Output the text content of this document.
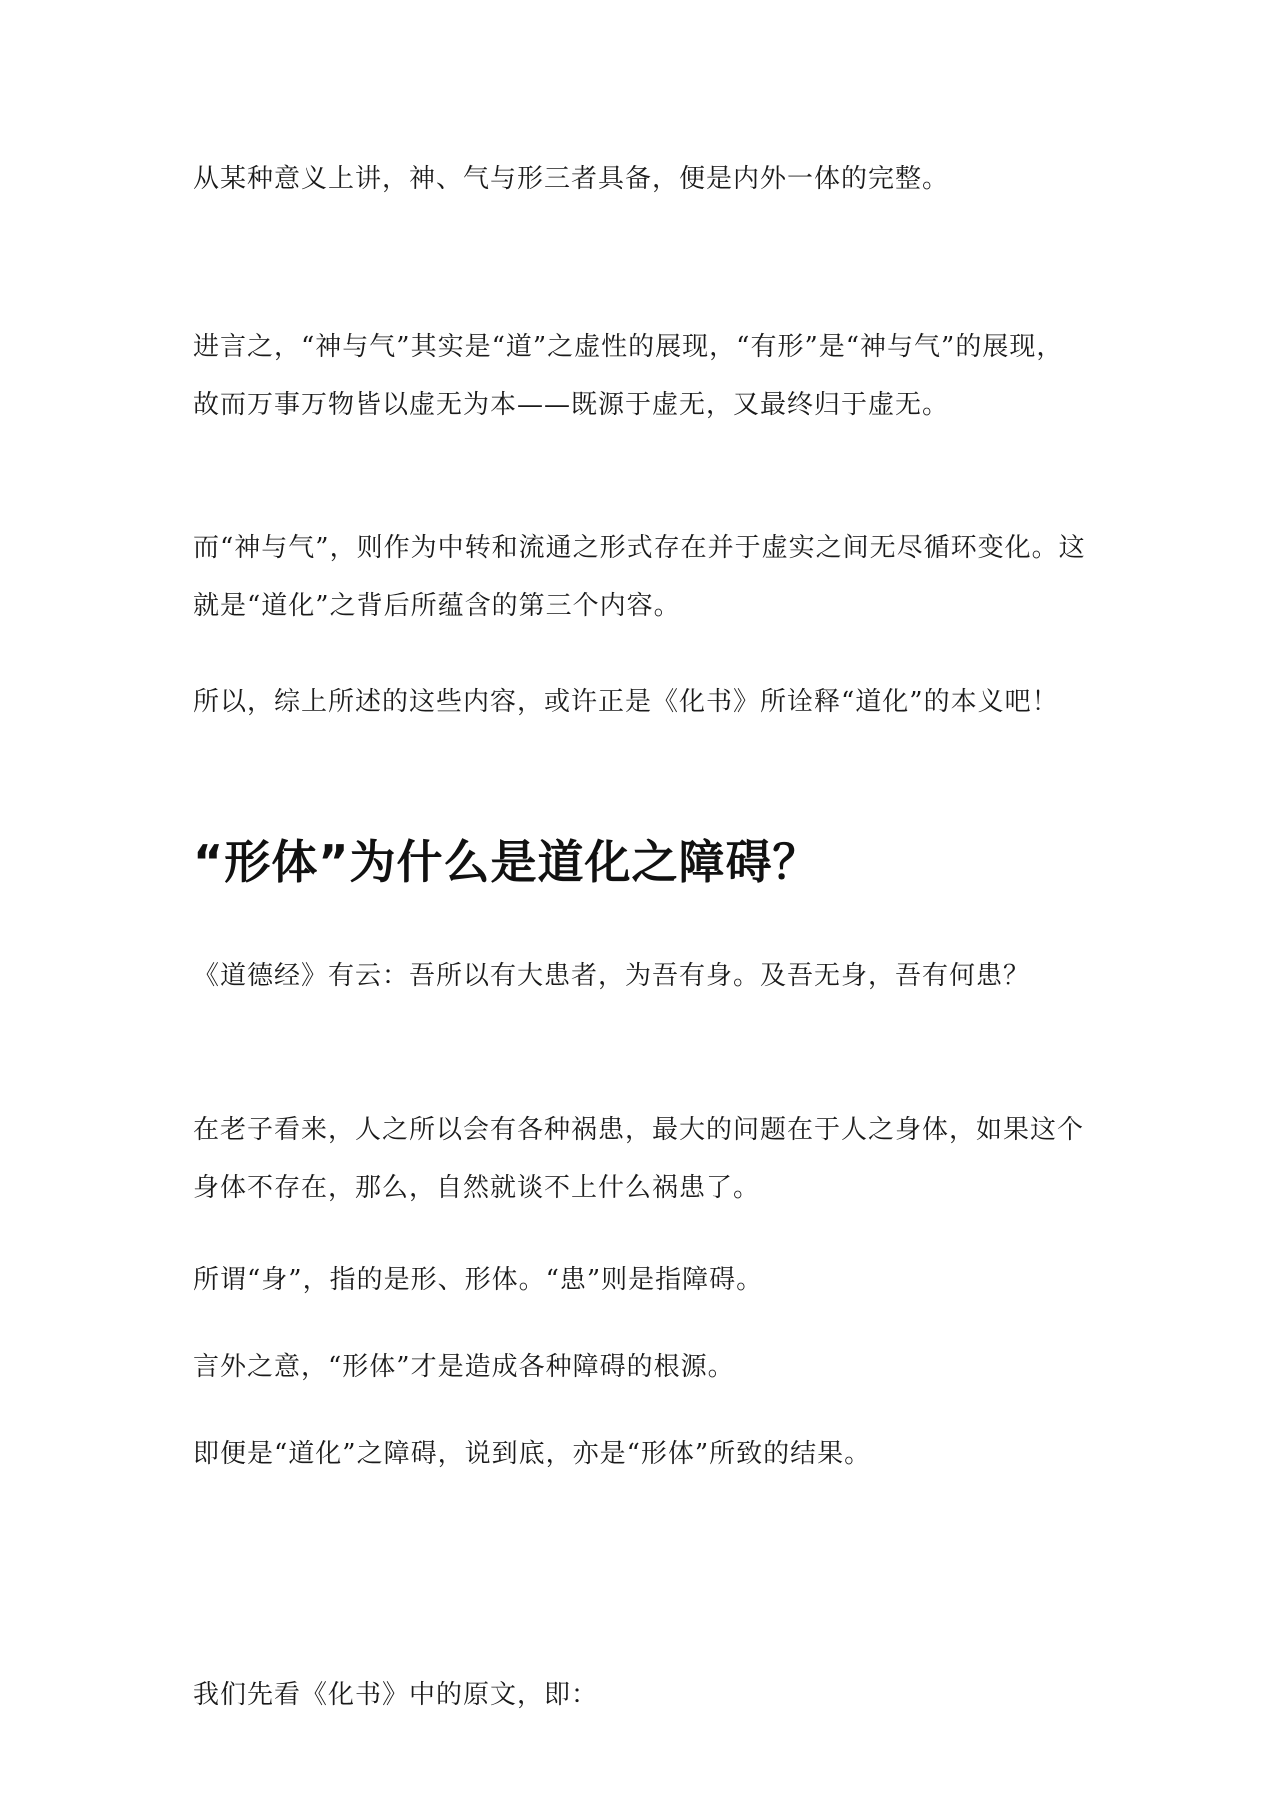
从某种意义上讲，神、气与形三者具备，便是内外一体的完整。

进言之，“神与气”其实是“道”之虚性的展现，“有形”是“神与气”的展现，故而万事万物皆以虚无为本——既源于虚无，又最终归于虚无。

而“神与气”，则作为中转和流通之形式存在并于虚实之间无尽循环变化。这就是“道化”之背后所蕴含的第三个内容。

所以，综上所述的这些内容，或许正是《化书》所诠释“道化”的本义吧！

“形体”为什么是道化之障碍？

《道德经》有云：吾所以有大患者，为吾有身。及吾无身，吾有何患？

在老子看来，人之所以会有各种祸患，最大的问题在于人之身体，如果这个身体不存在，那么，自然就谈不上什么祸患了。

所谓“身”，指的是形、形体。“患”则是指障碍。

言外之意，“形体”才是造成各种障碍的根源。

即便是“道化”之障碍，说到底，亦是“形体”所致的结果。

我们先看《化书》中的原文，即：
